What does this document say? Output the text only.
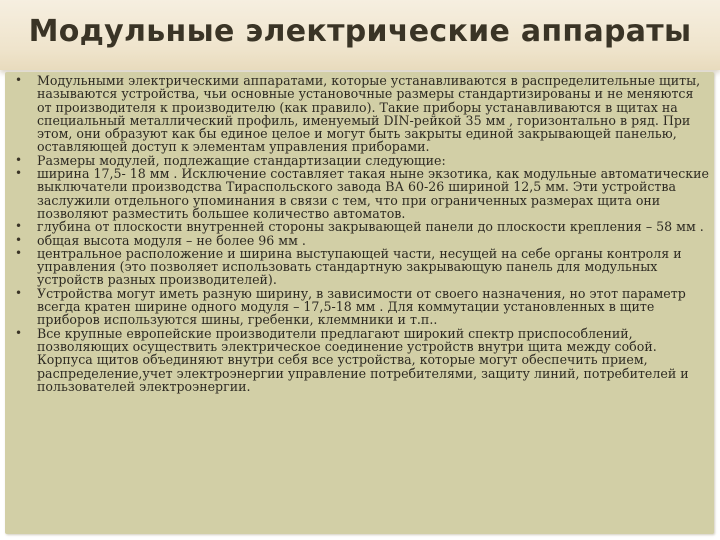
Модульные электрические аппараты
• Модульными электрическими аппаратами, которые устанавливаются в распределительные щиты, называются устройства, чьи основные установочные размеры стандартизированы и не меняются от производителя к производителю (как правило). Такие приборы устанавливаются в щитах на специальный металлический профиль, именуемый DIN-рейкой 35 мм , горизонтально в ряд. При этом, они образуют как бы единое целое и могут быть закрыты единой закрывающей панелью, оставляющей доступ к элементам управления приборами.
• Размеры модулей, подлежащие стандартизации следующие:
• ширина 17,5- 18 мм . Исключение составляет такая ныне экзотика, как модульные автоматические выключатели производства Тираспольского завода ВА 60-26 шириной 12,5 мм. Эти устройства заслужили отдельного упоминания в связи с тем, что при ограниченных размерах щита они позволяют разместить большее количество автоматов.
• глубина от плоскости внутренней стороны закрывающей панели до плоскости крепления – 58 мм .
• общая высота модуля – не более 96 мм .
• центральное расположение и ширина выступающей части, несущей на себе органы контроля и управления (это позволяет использовать стандартную закрывающую панель для модульных устройств разных производителей).
• Устройства могут иметь разную ширину, в зависимости от своего назначения, но этот параметр всегда кратен ширине одного модуля – 17,5-18 мм . Для коммутации установленных в щите приборов используются шины, гребенки, клеммники и т.п..
• Все крупные европейские производители предлагают широкий спектр приспособлений, позволяющих осуществить электрическое соединение устройств внутри щита между собой. Корпуса щитов объединяют внутри себя все устройства, которые могут обеспечить прием, распределение,учет электроэнергии управление потребителями, защиту линий, потребителей и пользователей электроэнергии.
